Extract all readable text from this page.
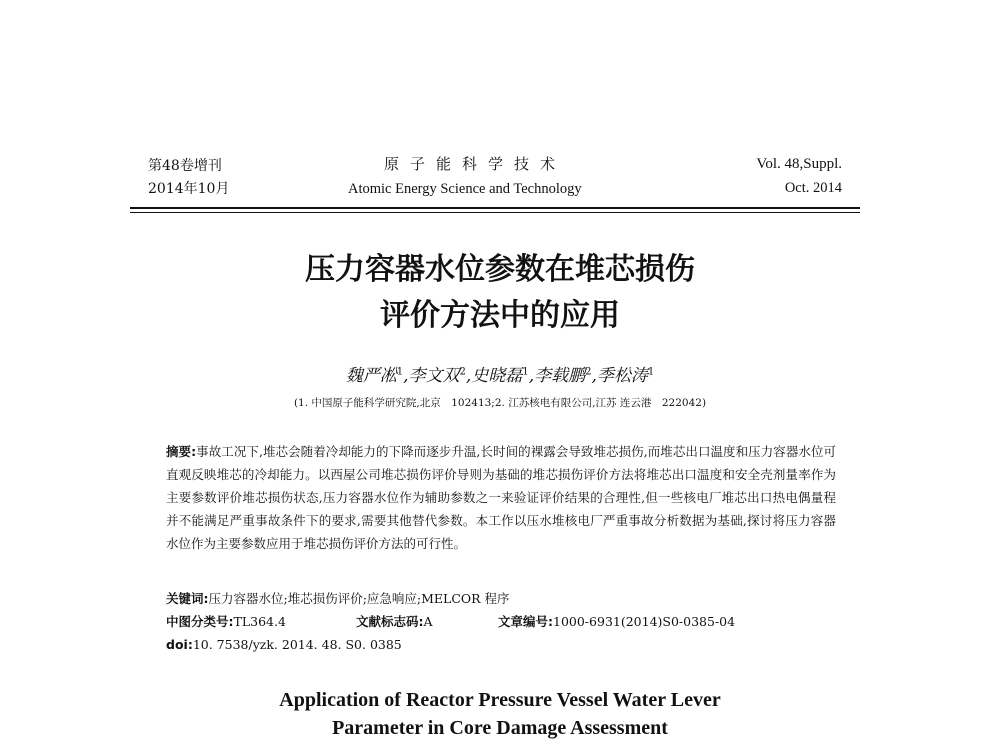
第48卷增刊
2014年10月
原子能科学技术
Atomic Energy Science and Technology
Vol. 48,Suppl.
Oct. 2014
压力容器水位参数在堆芯损伤
评价方法中的应用
魏严凇$^1$,李文双$^2$,史晓磊$^1$,李载鹏$^2$,季松涛$^1$
(1. 中国原子能科学研究院,北京　102413;2. 江苏核电有限公司,江苏 连云港　222042)
摘要:事故工况下,堆芯会随着冷却能力的下降而逐步升温,长时间的裸露会导致堆芯损伤,而堆芯出口温度和压力容器水位可直观反映堆芯的冷却能力。以西屋公司堆芯损伤评价导则为基础的堆芯损伤评价方法将堆芯出口温度和安全壳剂量率作为主要参数评价堆芯损伤状态,压力容器水位作为辅助参数之一来验证评价结果的合理性,但一些核电厂堆芯出口热电偶量程并不能满足严重事故条件下的要求,需要其他替代参数。本工作以压水堆核电厂严重事故分析数据为基础,探讨将压力容器水位作为主要参数应用于堆芯损伤评价方法的可行性。
关键词:压力容器水位;堆芯损伤评价;应急响应;MELCOR 程序
中图分类号:TL364.4	文献标志码:A	文章编号:1000-6931(2014)S0-0385-04
doi:10. 7538/yzk. 2014. 48. S0. 0385
Application of Reactor Pressure Vessel Water Lever
Parameter in Core Damage Assessment
